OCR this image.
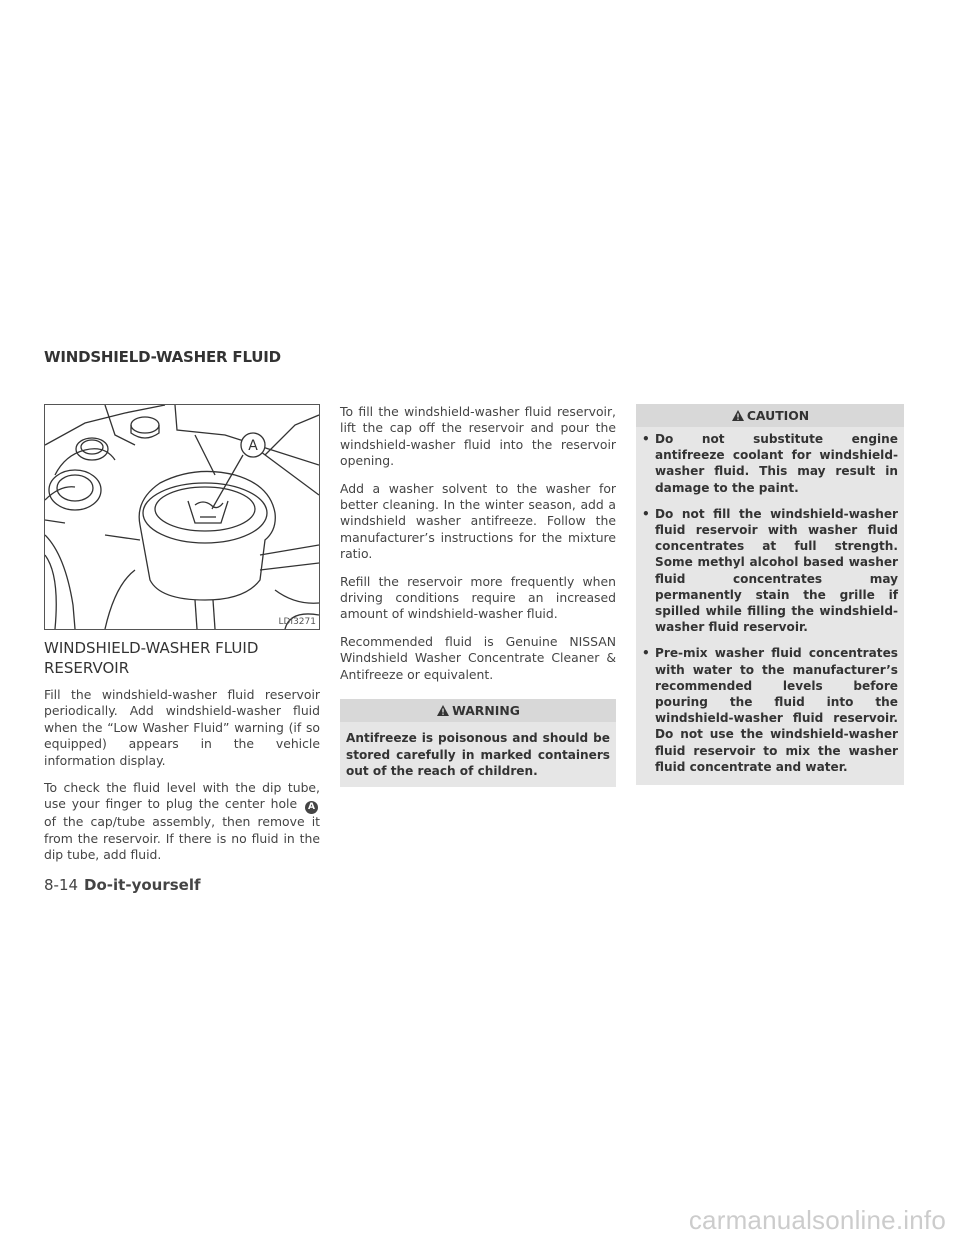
WINDSHIELD-WASHER FLUID
A
LDI3271
WINDSHIELD-WASHER FLUID
RESERVOIR

Fill the windshield-washer fluid reservoir periodically. Add windshield-washer fluid when the “Low Washer Fluid” warning (if so equipped) appears in the vehicle information display.

To check the fluid level with the dip tube, use your finger to plug the center hole A of the cap/tube assembly, then remove it from the reservoir. If there is no fluid in the dip tube, add fluid.

To fill the windshield-washer fluid reservoir, lift the cap off the reservoir and pour the windshield-washer fluid into the reservoir opening.

Add a washer solvent to the washer for better cleaning. In the winter season, add a windshield washer antifreeze. Follow the manufacturer’s instructions for the mixture ratio.

Refill the reservoir more frequently when driving conditions require an increased amount of windshield-washer fluid.

Recommended fluid is Genuine NISSAN Windshield Washer Concentrate Cleaner & Antifreeze or equivalent.

WARNING

Antifreeze is poisonous and should be stored carefully in marked containers out of the reach of children.

CAUTION
• Do not substitute engine antifreeze coolant for windshield-washer fluid. This may result in damage to the paint.
• Do not fill the windshield-washer fluid reservoir with washer fluid concentrates at full strength. Some methyl alcohol based washer fluid concentrates may permanently stain the grille if spilled while filling the windshield-washer fluid reservoir.
• Pre-mix washer fluid concentrates with water to the manufacturer’s recommended levels before pouring the fluid into the windshield-washer fluid reservoir. Do not use the windshield-washer fluid reservoir to mix the washer fluid concentrate and water.
8-14 Do-it-yourself
carmanualsonline.info
